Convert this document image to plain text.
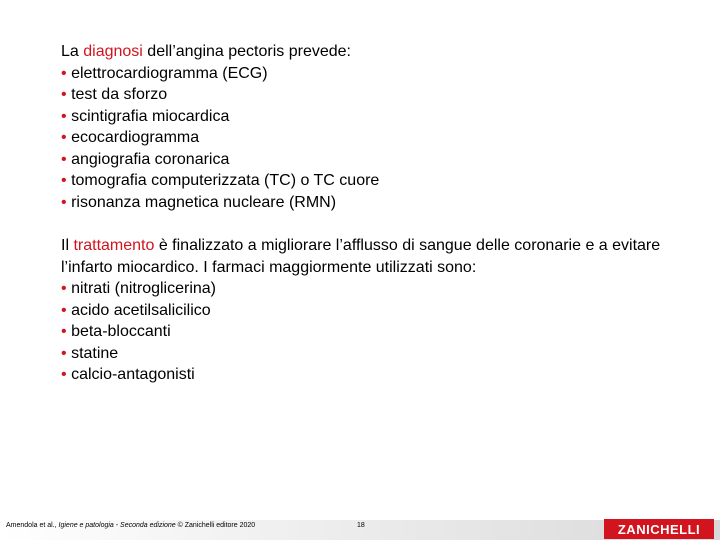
La diagnosi dell’angina pectoris prevede:
• elettrocardiogramma (ECG)
• test da sforzo
• scintigrafia miocardica
• ecocardiogramma
• angiografia coronarica
• tomografia computerizzata (TC) o TC cuore
• risonanza magnetica nucleare (RMN)
Il trattamento è finalizzato a migliorare l’afflusso di sangue delle coronarie e a evitare l’infarto miocardico. I farmaci maggiormente utilizzati sono:
• nitrati (nitroglicerina)
• acido acetilsalicilico
• beta-bloccanti
• statine
• calcio-antagonisti
Amendola et al., Igiene e patologia - Seconda edizione © Zanichelli editore 2020	18	ZANICHELLI
